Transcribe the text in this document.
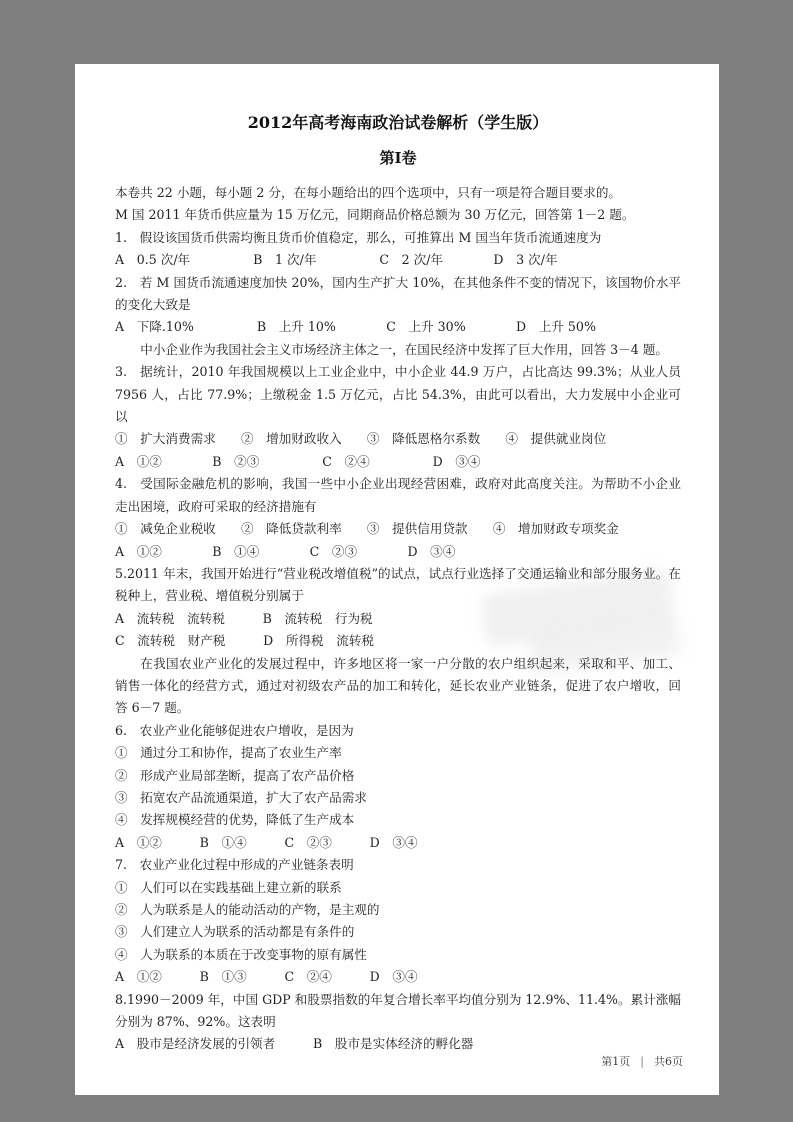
2012年高考海南政治试卷解析（学生版）
第I卷

本卷共 22 小题，每小题 2 分，在每小题给出的四个选项中，只有一项是符合题目要求的。

M 国 2011 年货币供应量为 15 万亿元，同期商品价格总额为 30 万亿元，回答第 1－2 题。

1.　假设该国货币供需均衡且货币价值稳定，那么，可推算出 M 国当年货币流通速度为

A　0.5 次/年　　　　　B　1 次/年　　　　　C　2 次/年　　　　D　3 次/年

2.　若 M 国货币流通速度加快 20%，国内生产扩大 10%，在其他条件不变的情况下，该国物价水平的变化大致是

A　下降.10%　　　　　B　上升 10%　　　　C　上升 30%　　　　D　上升 50%

中小企业作为我国社会主义市场经济主体之一，在国民经济中发挥了巨大作用，回答 3－4 题。

3.　据统计，2010 年我国规模以上工业企业中，中小企业 44.9 万户，占比高达 99.3%；从业人员 7956 人，占比 77.9%；上缴税金 1.5 万亿元，占比 54.3%，由此可以看出，大力发展中小企业可以

①　扩大消费需求　　②　增加财政收入　　③　降低恩格尔系数　　④　提供就业岗位

A　①②　　　　B　②③　　　　　C　②④　　　　　D　③④

4.　受国际金融危机的影响，我国一些中小企业出现经营困难，政府对此高度关注。为帮助不小企业走出困境，政府可采取的经济措施有

①　减免企业税收　　②　降低贷款利率　　③　提供信用贷款　　④　增加财政专项奖金

A　①②　　　　B　①④　　　　C　②③　　　　D　③④

5.2011 年末，我国开始进行“营业税改增值税”的试点，试点行业选择了交通运输业和部分服务业。在税种上，营业税、增值税分别属于

A　流转税　流转税　　　B　流转税　行为税

C　流转税　财产税　　　D　所得税　流转税

在我国农业产业化的发展过程中，许多地区将一家一户分散的农户组织起来，采取和平、加工、销售一体化的经营方式，通过对初级农产品的加工和转化，延长农业产业链条，促进了农户增收，回答 6－7 题。

6.　农业产业化能够促进农户增收，是因为

①　通过分工和协作，提高了农业生产率

②　形成产业局部垄断，提高了农产品价格

③　拓宽农产品流通渠道，扩大了农产品需求

④　发挥规模经营的优势，降低了生产成本

A　①②　　　B　①④　　　C　②③　　　D　③④

7.　农业产业化过程中形成的产业链条表明

①　人们可以在实践基础上建立新的联系

②　人为联系是人的能动活动的产物，是主观的

③　人们建立人为联系的活动都是有条件的

④　人为联系的本质在于改变事物的原有属性

A　①②　　　B　①③　　　C　②④　　　D　③④

8.1990－2009 年，中国 GDP 和股票指数的年复合增长率平均值分别为 12.9%、11.4%。累计涨幅分别为 87%、92%。这表明

A　股市是经济发展的引领者　　　B　股市是实体经济的孵化器

第1页 | 共6页
